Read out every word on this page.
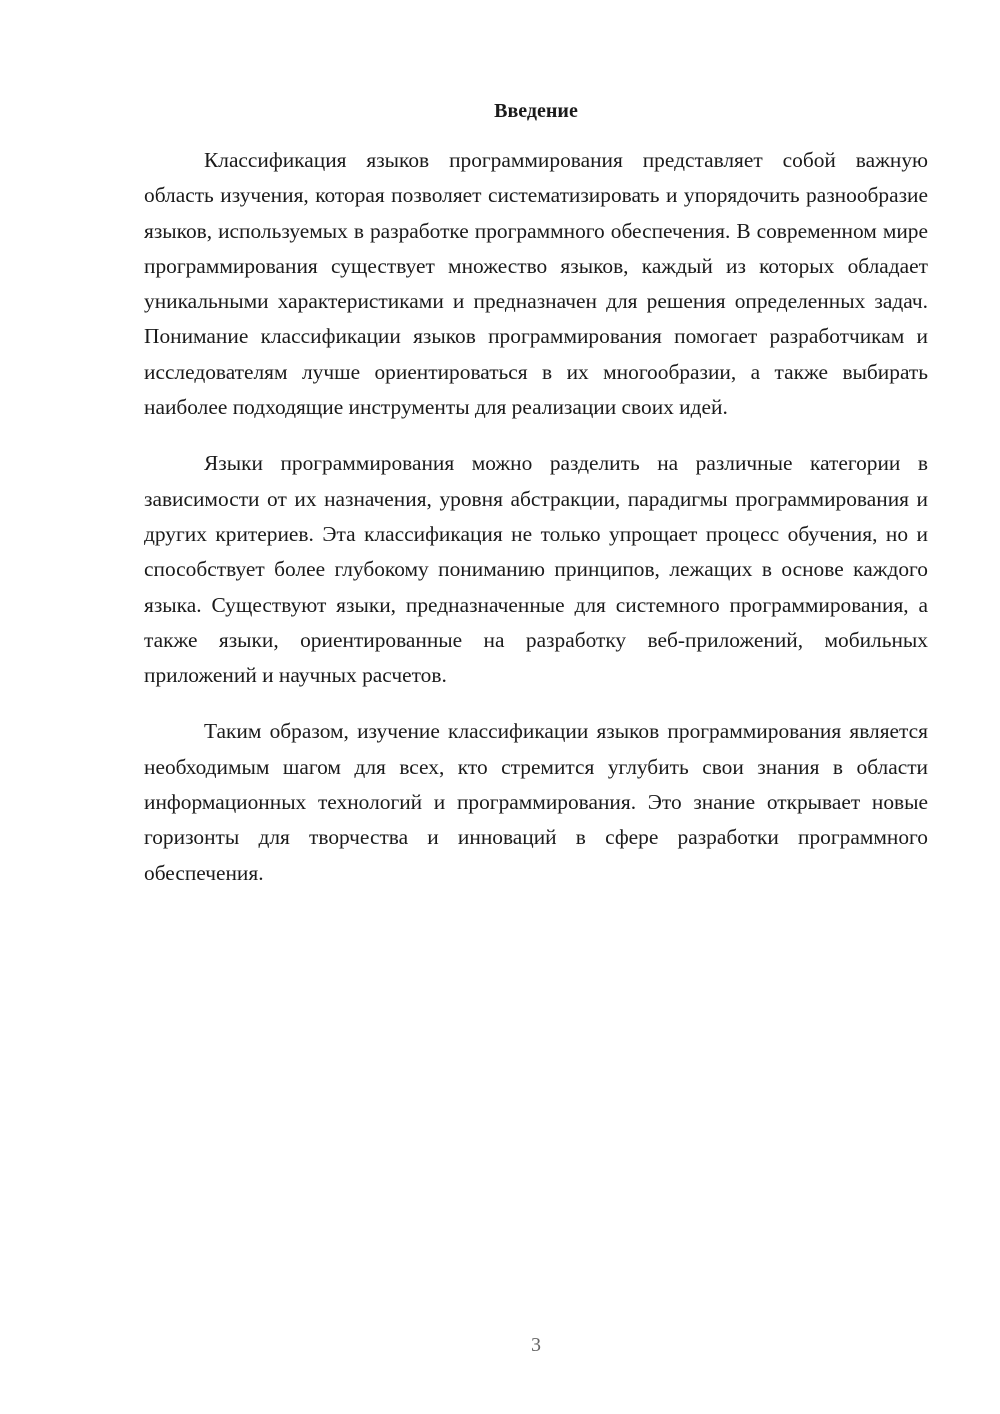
Введение

Классификация языков программирования представляет собой важную область изучения, которая позволяет систематизировать и упорядочить разнообразие языков, используемых в разработке программного обеспечения. В современном мире программирования существует множество языков, каждый из которых обладает уникальными характеристиками и предназначен для решения определенных задач. Понимание классификации языков программирования помогает разработчикам и исследователям лучше ориентироваться в их многообразии, а также выбирать наиболее подходящие инструменты для реализации своих идей.

Языки программирования можно разделить на различные категории в зависимости от их назначения, уровня абстракции, парадигмы программирования и других критериев. Эта классификация не только упрощает процесс обучения, но и способствует более глубокому пониманию принципов, лежащих в основе каждого языка. Существуют языки, предназначенные для системного программирования, а также языки, ориентированные на разработку веб-приложений, мобильных приложений и научных расчетов.

Таким образом, изучение классификации языков программирования является необходимым шагом для всех, кто стремится углубить свои знания в области информационных технологий и программирования. Это знание открывает новые горизонты для творчества и инноваций в сфере разработки программного обеспечения.

3
